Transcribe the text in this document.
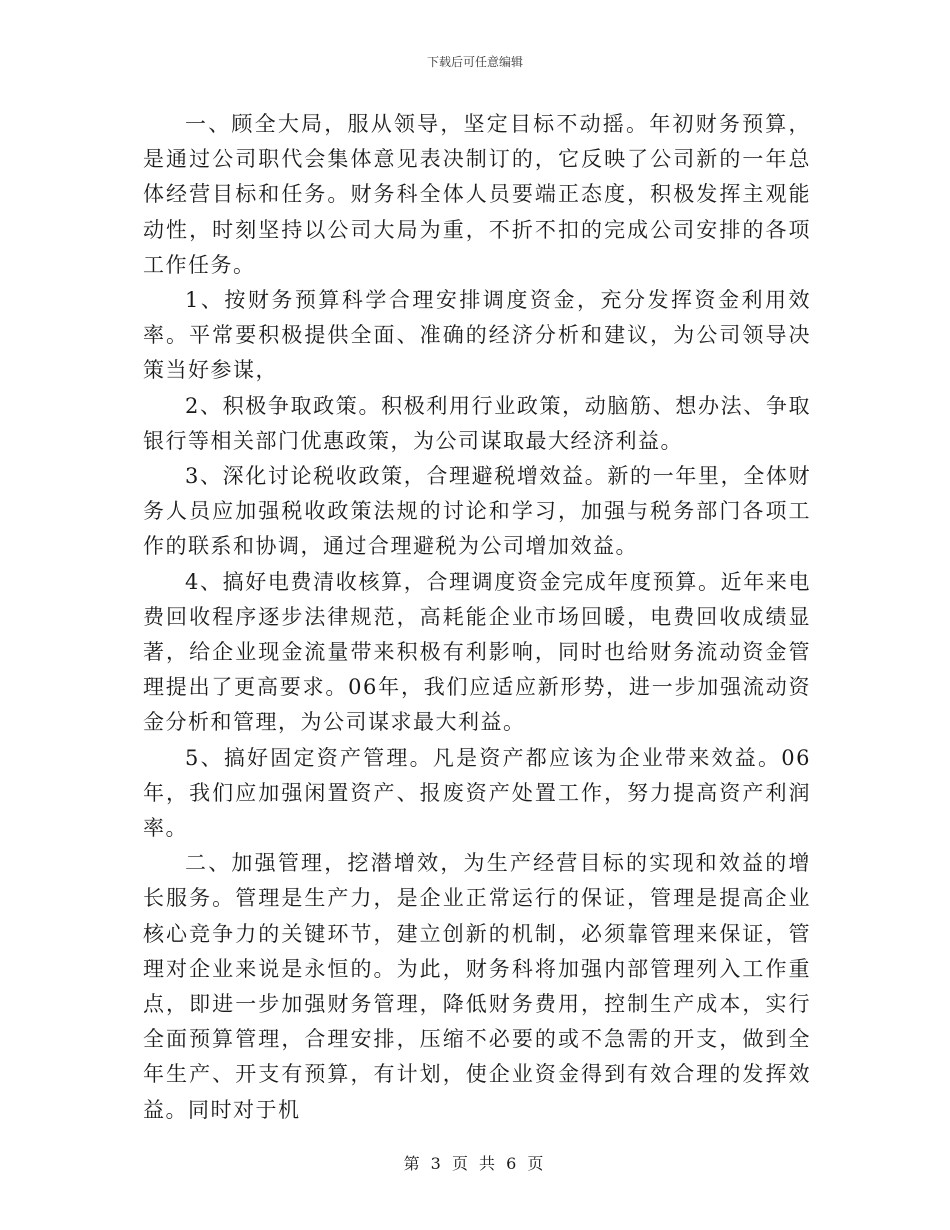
下载后可任意编辑

一、顾全大局，服从领导，坚定目标不动摇。年初财务预算，是通过公司职代会集体意见表决制订的，它反映了公司新的一年总体经营目标和任务。财务科全体人员要端正态度，积极发挥主观能动性，时刻坚持以公司大局为重，不折不扣的完成公司安排的各项工作任务。

1、按财务预算科学合理安排调度资金，充分发挥资金利用效率。平常要积极提供全面、准确的经济分析和建议，为公司领导决策当好参谋，

2、积极争取政策。积极利用行业政策，动脑筋、想办法、争取银行等相关部门优惠政策，为公司谋取最大经济利益。

3、深化讨论税收政策，合理避税增效益。新的一年里，全体财务人员应加强税收政策法规的讨论和学习，加强与税务部门各项工作的联系和协调，通过合理避税为公司增加效益。

4、搞好电费清收核算，合理调度资金完成年度预算。近年来电费回收程序逐步法律规范，高耗能企业市场回暖，电费回收成绩显著，给企业现金流量带来积极有利影响，同时也给财务流动资金管理提出了更高要求。06年，我们应适应新形势，进一步加强流动资金分析和管理，为公司谋求最大利益。

5、搞好固定资产管理。凡是资产都应该为企业带来效益。06年，我们应加强闲置资产、报废资产处置工作，努力提高资产利润率。

二、加强管理，挖潜增效，为生产经营目标的实现和效益的增长服务。管理是生产力，是企业正常运行的保证，管理是提高企业核心竞争力的关键环节，建立创新的机制，必须靠管理来保证，管理对企业来说是永恒的。为此，财务科将加强内部管理列入工作重点，即进一步加强财务管理，降低财务费用，控制生产成本，实行全面预算管理，合理安排，压缩不必要的或不急需的开支，做到全年生产、开支有预算，有计划，使企业资金得到有效合理的发挥效益。同时对于机

第 3 页 共 6 页
